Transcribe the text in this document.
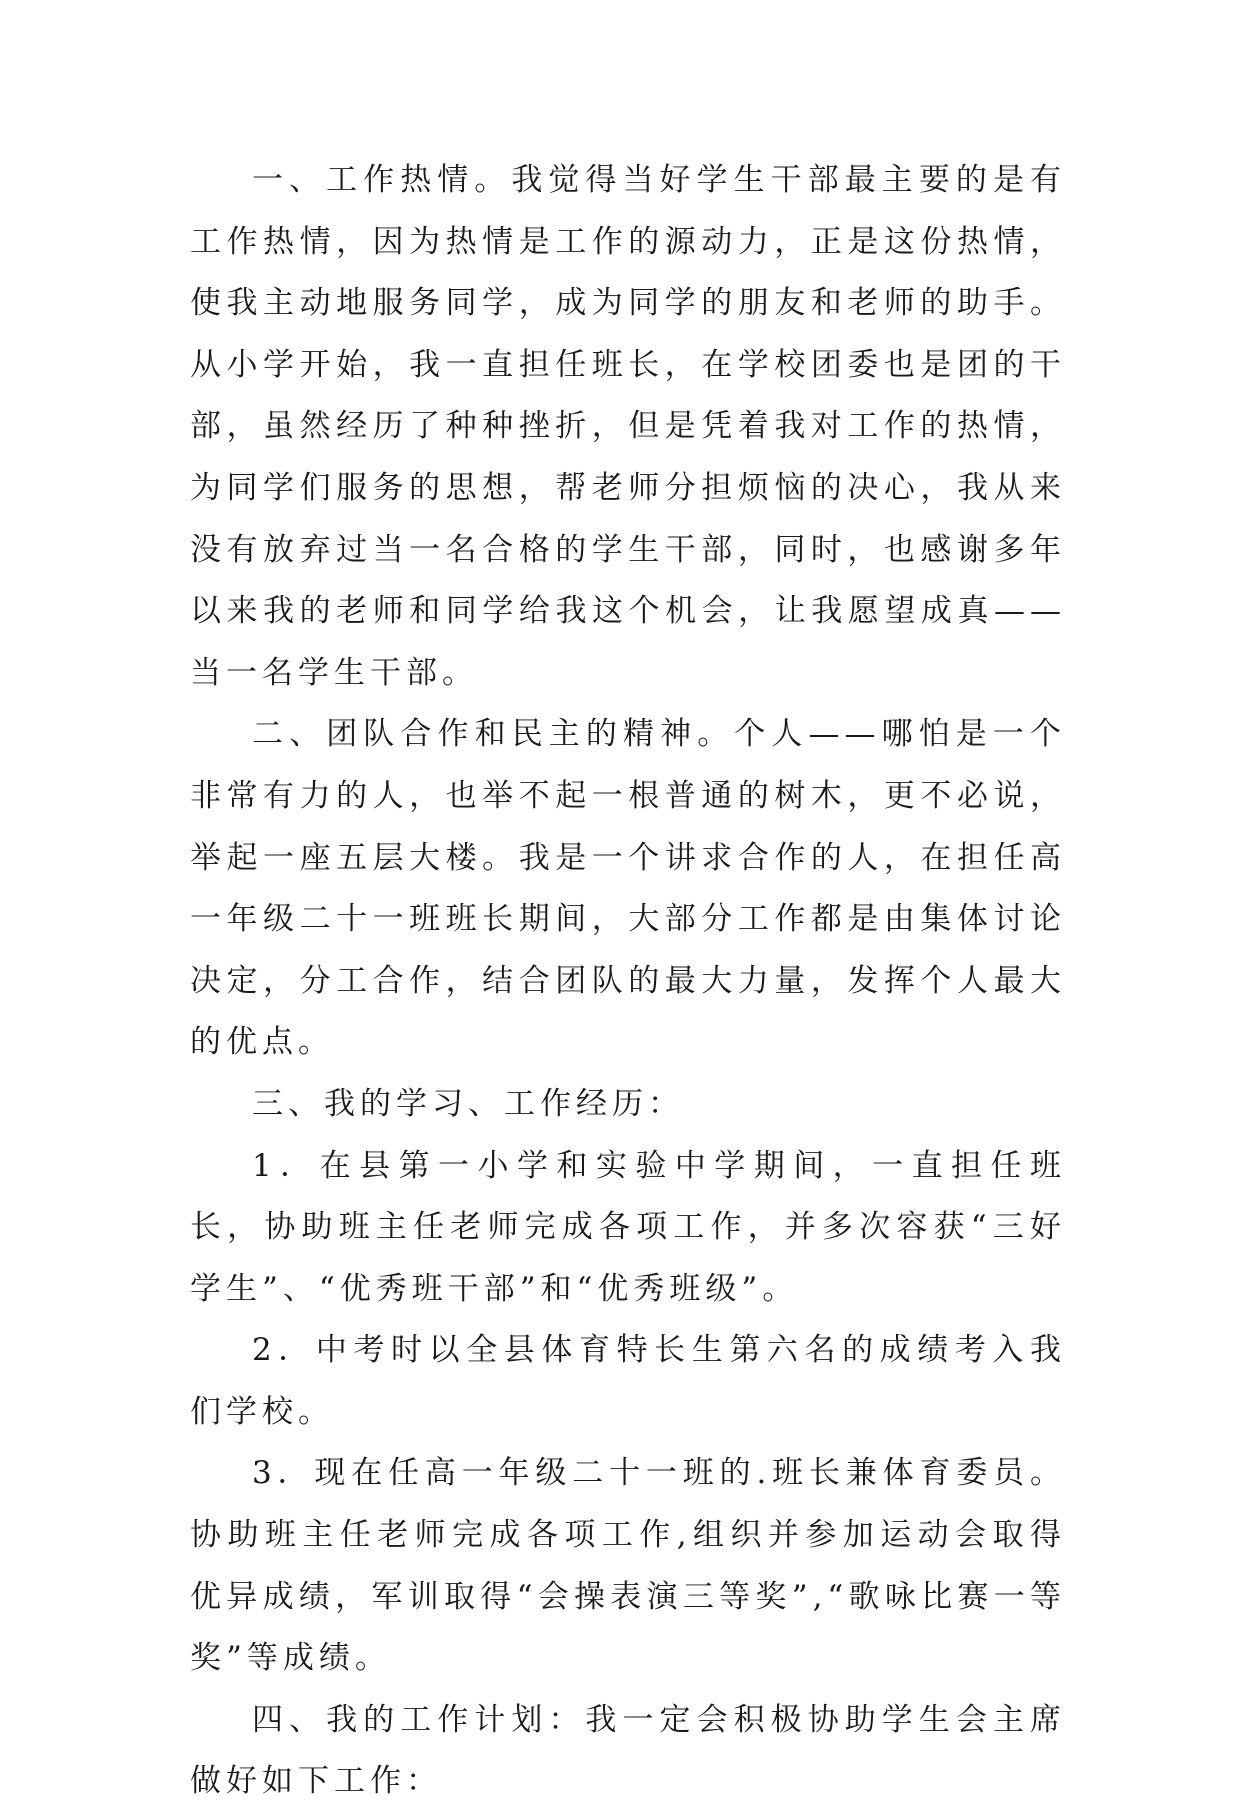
一、工作热情。我觉得当好学生干部最主要的是有工作热情，因为热情是工作的源动力，正是这份热情，使我主动地服务同学，成为同学的朋友和老师的助手。从小学开始，我一直担任班长，在学校团委也是团的干部，虽然经历了种种挫折，但是凭着我对工作的热情，为同学们服务的思想，帮老师分担烦恼的决心，我从来没有放弃过当一名合格的学生干部，同时，也感谢多年以来我的老师和同学给我这个机会，让我愿望成真——当一名学生干部。

二、团队合作和民主的精神。个人——哪怕是一个非常有力的人，也举不起一根普通的树木，更不必说，举起一座五层大楼。我是一个讲求合作的人，在担任高一年级二十一班班长期间，大部分工作都是由集体讨论决定，分工合作，结合团队的最大力量，发挥个人最大的优点。

三、我的学习、工作经历：

1．在县第一小学和实验中学期间，一直担任班长，协助班主任老师完成各项工作，并多次容获“三好学生”、“优秀班干部”和“优秀班级”。

2．中考时以全县体育特长生第六名的成绩考入我们学校。

3．现在任高一年级二十一班的.班长兼体育委员。协助班主任老师完成各项工作,组织并参加运动会取得优异成绩，军训取得“会操表演三等奖”,“歌咏比赛一等奖”等成绩。

四、我的工作计划：我一定会积极协助学生会主席做好如下工作：
